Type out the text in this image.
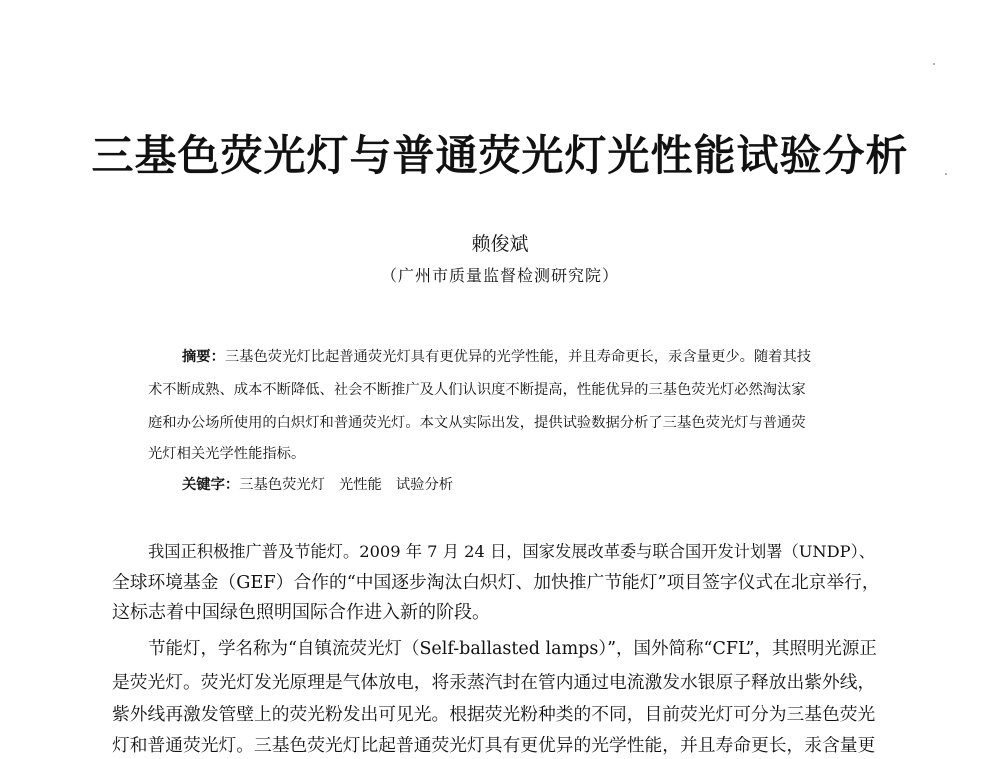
三基色荧光灯与普通荧光灯光性能试验分析
赖俊斌
（广州市质量监督检测研究院）
摘要：三基色荧光灯比起普通荧光灯具有更优异的光学性能，并且寿命更长，汞含量更少。随着其技
术不断成熟、成本不断降低、社会不断推广及人们认识度不断提高，性能优异的三基色荧光灯必然淘汰家
庭和办公场所使用的白炽灯和普通荧光灯。本文从实际出发，提供试验数据分析了三基色荧光灯与普通荧
光灯相关光学性能指标。
关键字：三基色荧光灯 光性能 试验分析
我国正积极推广普及节能灯。2009 年 7 月 24 日，国家发展改革委与联合国开发计划署（UNDP）、
全球环境基金（GEF）合作的“中国逐步淘汰白炽灯、加快推广节能灯”项目签字仪式在北京举行，
这标志着中国绿色照明国际合作进入新的阶段。
节能灯，学名称为“自镇流荧光灯（Self-ballasted lamps）”，国外简称“CFL”，其照明光源正
是荧光灯。荧光灯发光原理是气体放电，将汞蒸汽封在管内通过电流激发水银原子释放出紫外线，
紫外线再激发管壁上的荧光粉发出可见光。根据荧光粉种类的不同，目前荧光灯可分为三基色荧光
灯和普通荧光灯。三基色荧光灯比起普通荧光灯具有更优异的光学性能，并且寿命更长，汞含量更
